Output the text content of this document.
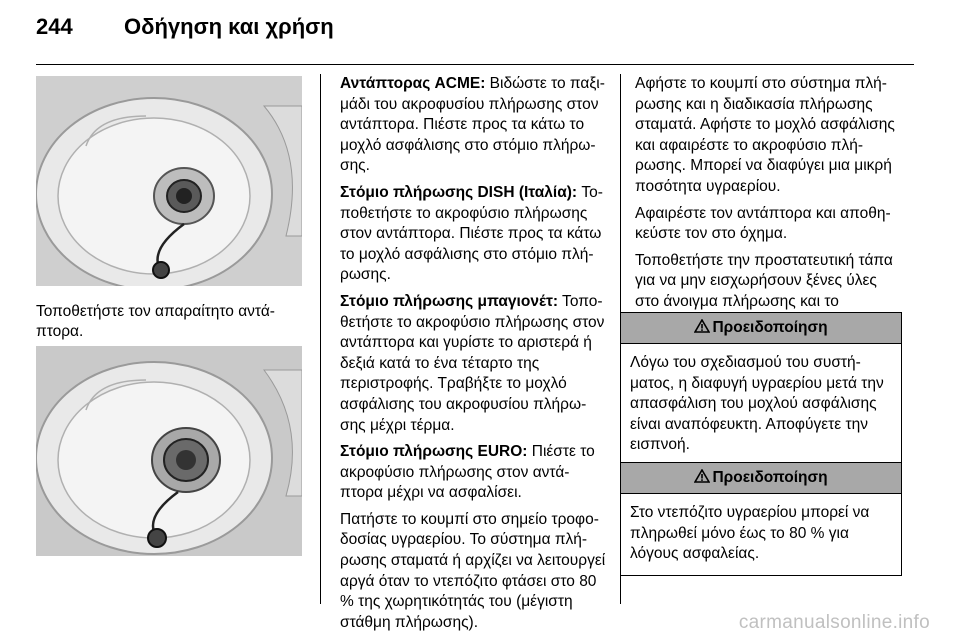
244 Οδήγηση και χρήση
Τοποθετήστε τον απαραίτητο αντάπτορα.

Αντάπτορας ACME: Βιδώστε το παξιμάδι του ακροφυσίου πλήρωσης στον αντάπτορα. Πιέστε προς τα κάτω το μοχλό ασφάλισης στο στόμιο πλήρωσης.

Στόμιο πλήρωσης DISH (Ιταλία): Τοποθετήστε το ακροφύσιο πλήρωσης στον αντάπτορα. Πιέστε προς τα κάτω το μοχλό ασφάλισης στο στόμιο πλήρωσης.

Στόμιο πλήρωσης μπαγιονέτ: Τοποθετήστε το ακροφύσιο πλήρωσης στον αντάπτορα και γυρίστε το αριστερά ή δεξιά κατά το ένα τέταρτο της περιστροφής. Τραβήξτε το μοχλό ασφάλισης του ακροφυσίου πλήρωσης μέχρι τέρμα.

Στόμιο πλήρωσης EURO: Πιέστε το ακροφύσιο πλήρωσης στον αντάπτορα μέχρι να ασφαλίσει.

Πατήστε το κουμπί στο σημείο τροφοδοσίας υγραερίου. Το σύστημα πλήρωσης σταματά ή αρχίζει να λειτουργεί αργά όταν το ντεπόζιτο φτάσει στο 80 % της χωρητικότητάς του (μέγιστη στάθμη πλήρωσης).

Αφήστε το κουμπί στο σύστημα πλήρωσης και η διαδικασία πλήρωσης σταματά. Αφήστε το μοχλό ασφάλισης και αφαιρέστε το ακροφύσιο πλήρωσης. Μπορεί να διαφύγει μια μικρή ποσότητα υγραερίου.

Αφαιρέστε τον αντάπτορα και αποθηκεύστε τον στο όχημα.

Τοποθετήστε την προστατευτική τάπα για να μην εισχωρήσουν ξένες ύλες στο άνοιγμα πλήρωσης και το

Προειδοποίηση
Λόγω του σχεδιασμού του συστήματος, η διαφυγή υγραερίου μετά την απασφάλιση του μοχλού ασφάλισης είναι αναπόφευκτη. Αποφύγετε την εισπνοή.
Προειδοποίηση
Στο ντεπόζιτο υγραερίου μπορεί να πληρωθεί μόνο έως το 80 % για λόγους ασφαλείας.
carmanualsonline.info
